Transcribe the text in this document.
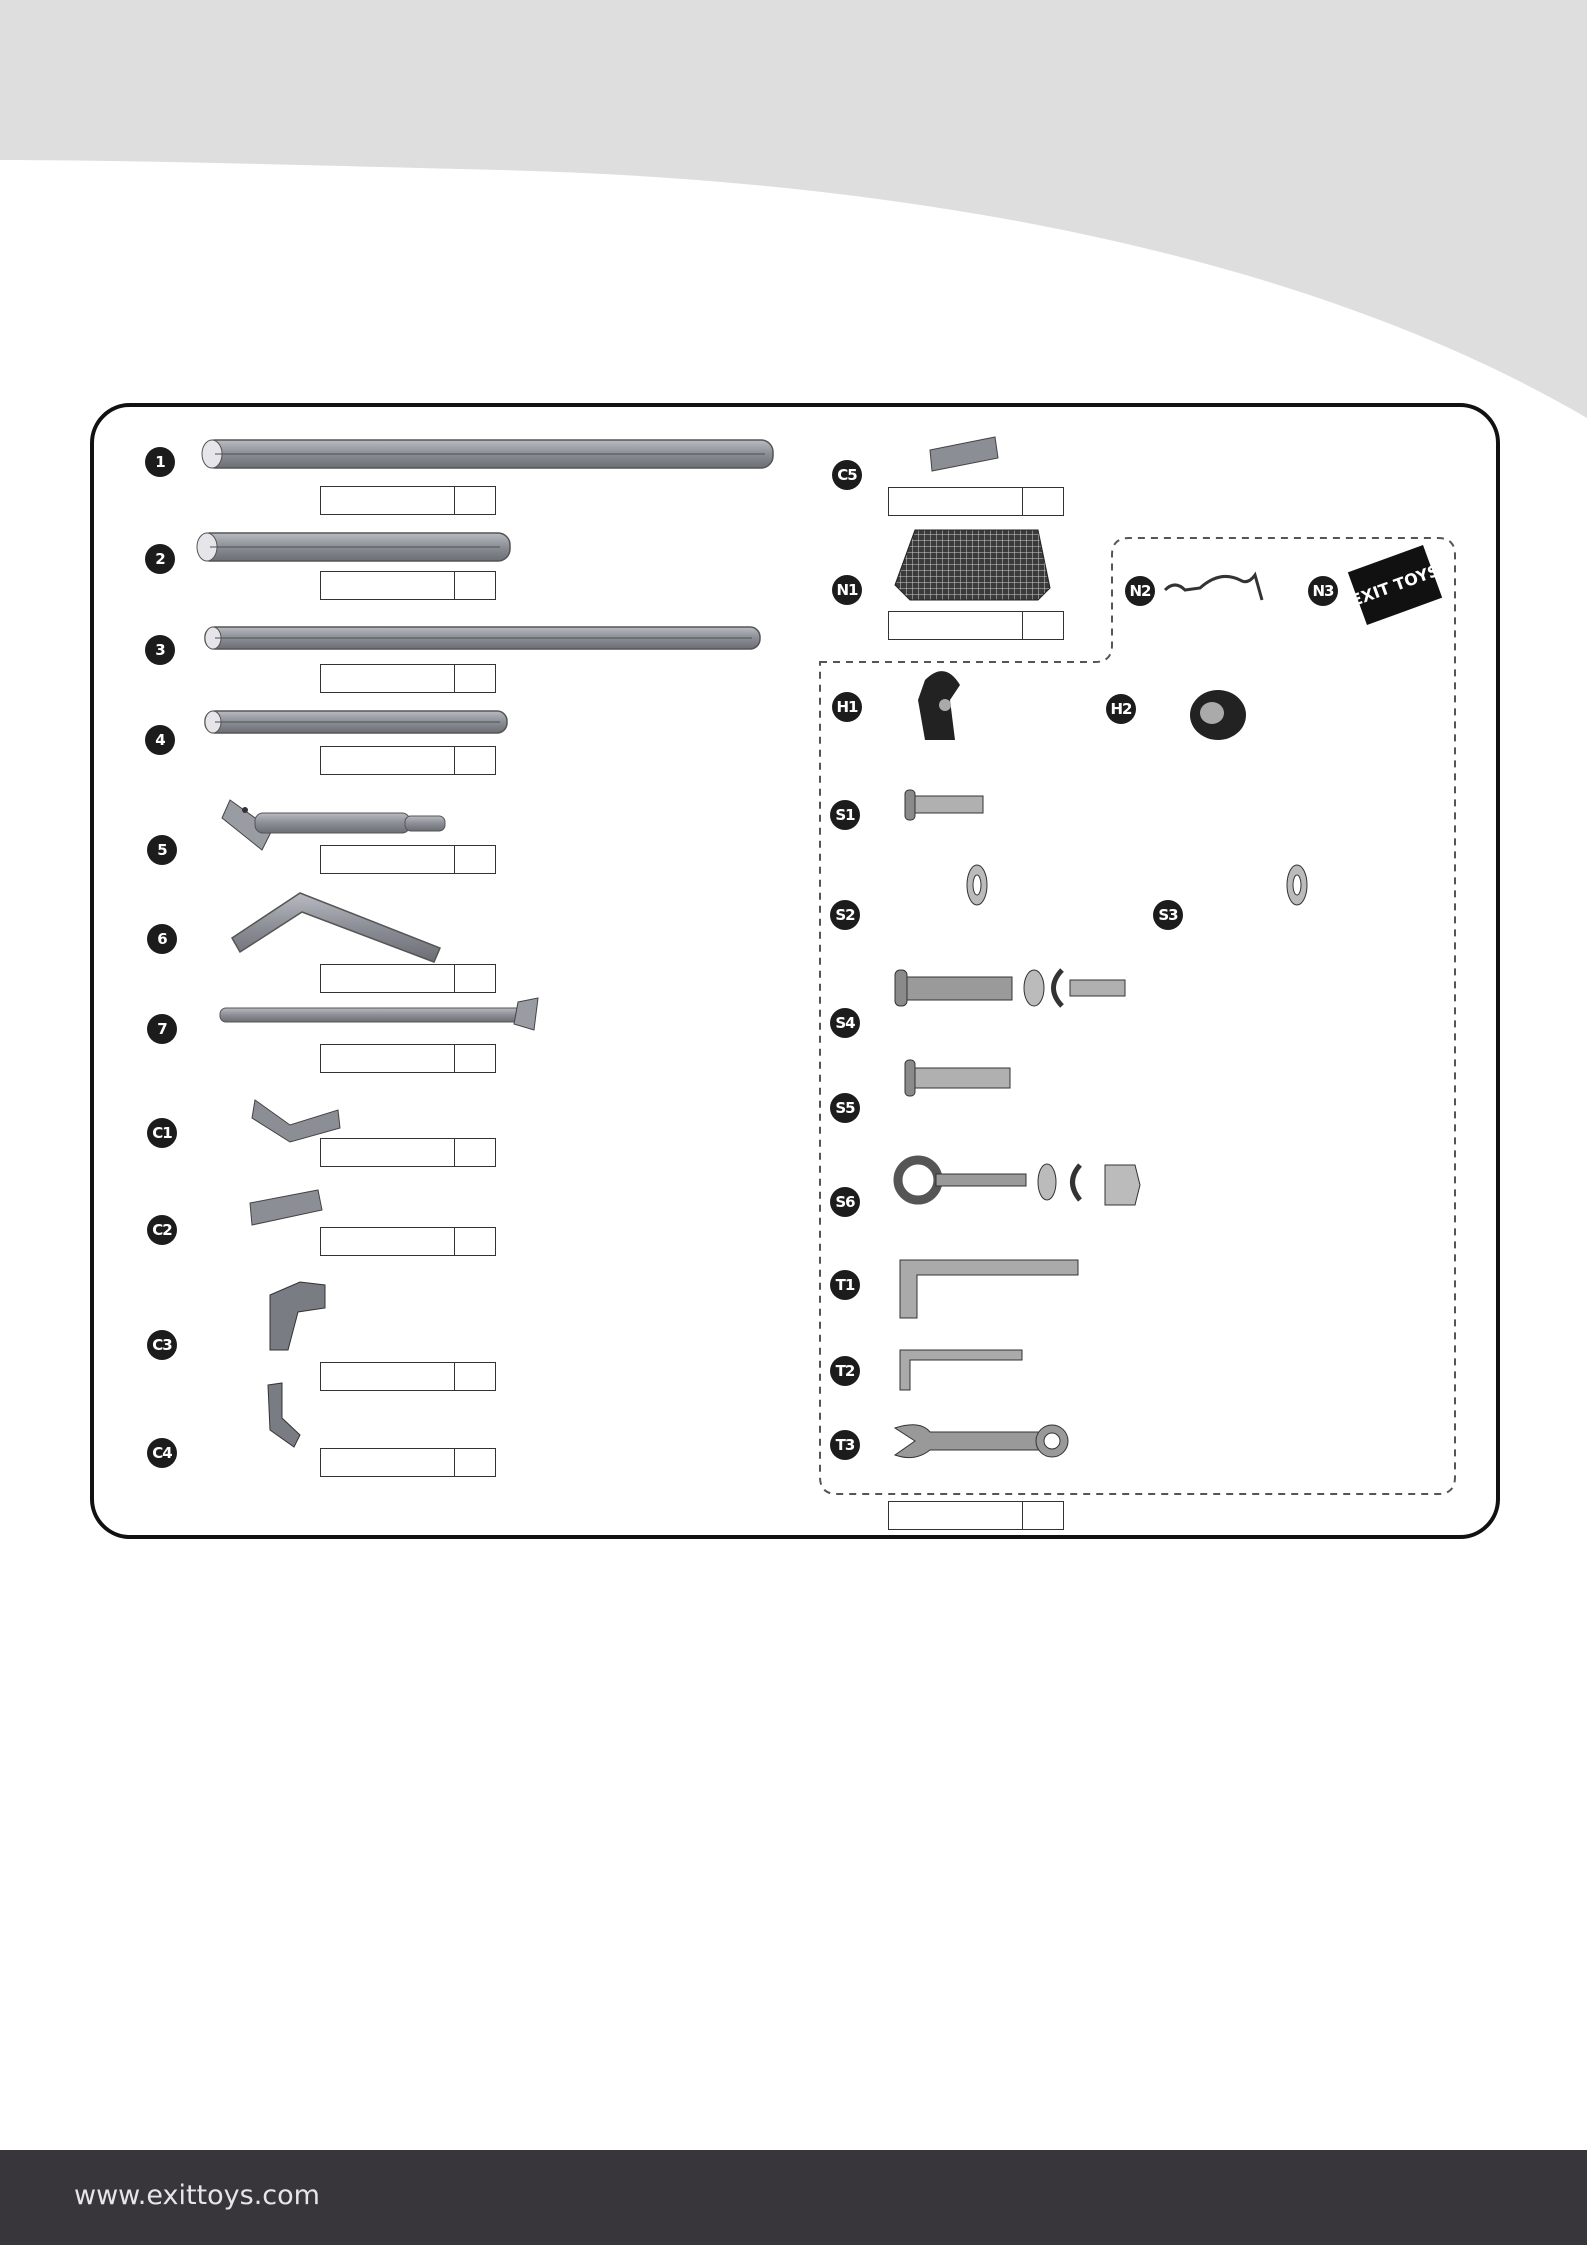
EXIT TOYS
1
2
3
4
5
6
7
C1
C2
C3
C4
C5
N1	N2	N3
H1	H2
S1
S2	S3
S4
S5
S6
T1
T2
T3
www.exittoys.com
